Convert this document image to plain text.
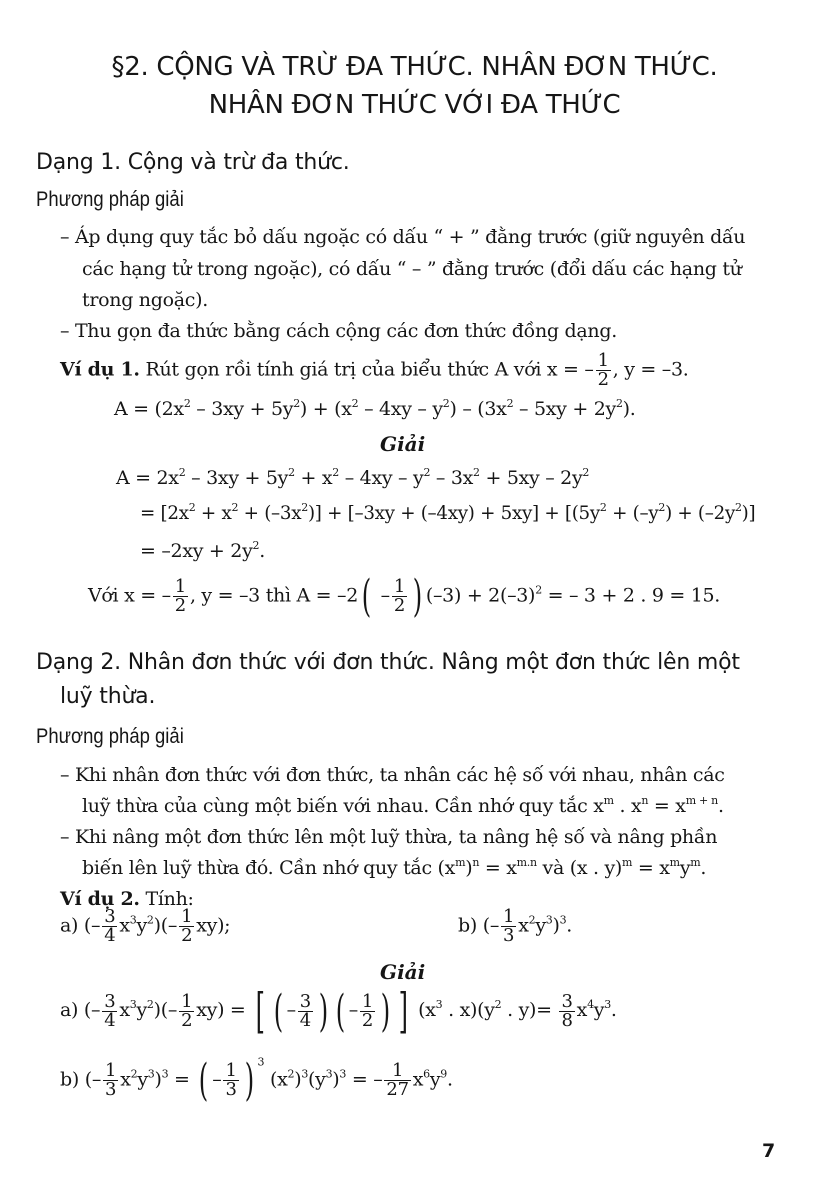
§2. CỘNG VÀ TRỪ ĐA THỨC. NHÂN ĐƠN THỨC.
NHÂN ĐƠN THỨC VỚI ĐA THỨC
Dạng 1. Cộng và trừ đa thức.
Phương pháp giải
– Áp dụng quy tắc bỏ dấu ngoặc có dấu “ + ” đằng trước (giữ nguyên dấu
các hạng tử trong ngoặc), có dấu “ – ” đằng trước (đổi dấu các hạng tử
trong ngoặc).
– Thu gọn đa thức bằng cách cộng các đơn thức đồng dạng.
Ví dụ 1. Rút gọn rồi tính giá trị của biểu thức A với x = – $\frac{1}{2}$ , y = –3.
$A = (2x^2 - 3xy + 5y^2) + (x^2 - 4xy - y^2) - (3x^2 - 5xy + 2y^2)$.
Giải
$A = 2x^2 - 3xy + 5y^2 + x^2 - 4xy - y^2 - 3x^2 + 5xy - 2y^2$
= $[2x^2 + x^2 + (-3x^2)] + [-3xy + (-4xy) + 5xy] + [(5y^2 + (-y^2) + (-2y^2)]$
= $-2xy + 2y^2$.
Với x = – $\frac{1}{2}$ , y = –3 thì $A = -2( - \frac{1}{2}$ ) $(-3) + 2(-3)^2$ = – 3 + 2 . 9 = 15.
Dạng 2. Nhân đơn thức với đơn thức. Nâng một đơn thức lên một
luỹ thừa.
Phương pháp giải
– Khi nhân đơn thức với đơn thức, ta nhân các hệ số với nhau, nhân các
luỹ thừa của cùng một biến với nhau. Cần nhớ quy tắc $x^m$ . $x^n = x^{m + n}$.
– Khi nâng một đơn thức lên một luỹ thừa, ta nâng hệ số và nâng phần
biến lên luỹ thừa đó. Cần nhớ quy tắc $(x^m)^n = x^{m.n}$ và (x . $y)^m = x^my^m$.
Ví dụ 2. Tính:
a) (– $\frac{3}{4} x^3y^2)(- \frac{1}{2} xy)$;	b) (– $\frac{1}{3} x^2y^3)^3$.
Giải
a) (– $\frac{3}{4} x^3y^2)(- \frac{1}{2} xy)$ = [ ( – $\frac{3}{4}$ ) ( – $\frac{1}{2}$ ) ] ($x^3$ . $x)(y^2$ . $y)= \frac{3}{8} x^4y^3$.
b) (– $\frac{1}{3} x^2y^3)^3$ = ( – $\frac{1}{3}$ ) $^3$ $(x^2)^3(y^3)^3$ = – $\frac{1}{27} x^6y^9$.
7
